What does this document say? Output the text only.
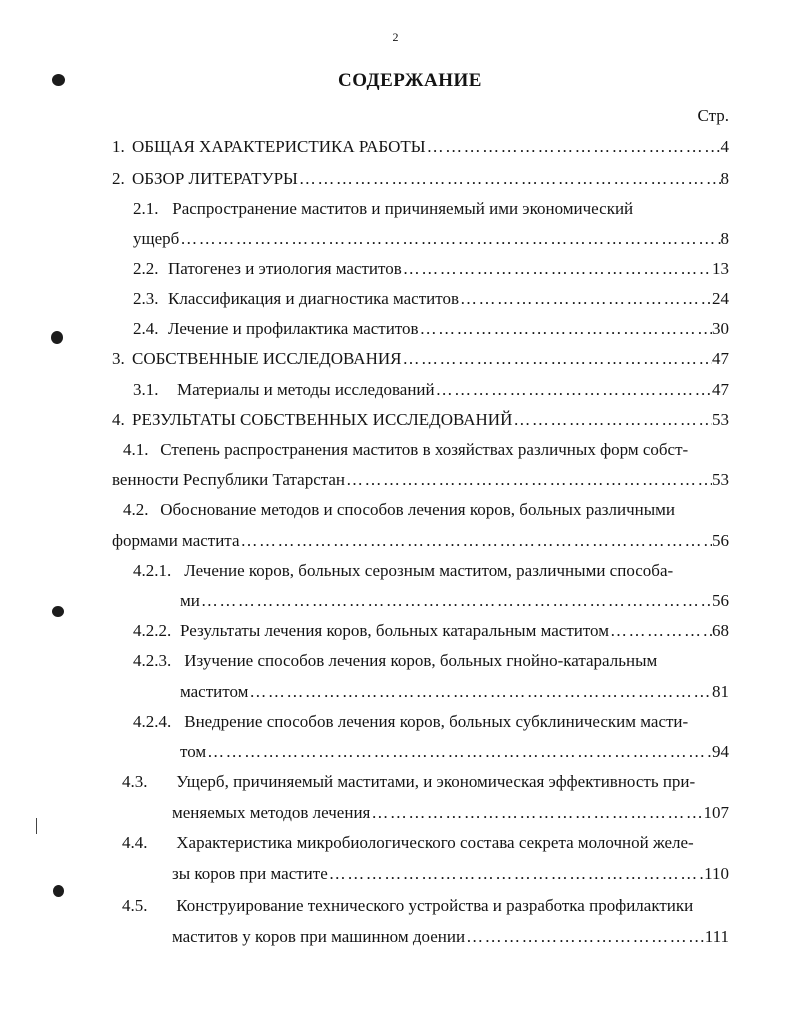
2
СОДЕРЖАНИЕ
Стр.
1. ОБЩАЯ ХАРАКТЕРИСТИКА РАБОТЫ ……………………………………………………………………………………………………………………………………………………………………………………	4
2. ОБЗОР ЛИТЕРАТУРЫ ……………………………………………………………………………………………………………………………………………………………………………………	8
2.1. Распространение маститов и причиняемый ими экономический
ущерб ……………………………………………………………………………………………………………………………………………………………………………………	8
2.2. Патогенез и этиология маститов ……………………………………………………………………………………………………………………………………………………………………………………	13
2.3. Классификация и диагностика маститов ……………………………………………………………………………………………………………………………………………………………………………………	24
2.4. Лечение и профилактика маститов ……………………………………………………………………………………………………………………………………………………………………………………	30
3. СОБСТВЕННЫЕ ИССЛЕДОВАНИЯ ……………………………………………………………………………………………………………………………………………………………………………………	47
3.1.	Материалы и методы исследований ……………………………………………………………………………………………………………………………………………………………………………………	47
4. РЕЗУЛЬТАТЫ СОБСТВЕННЫХ ИССЛЕДОВАНИЙ ……………………………………………………………………………………………………………………………………………………………………………………	53
4.1. Степень распространения маститов в хозяйствах различных форм собст-
венности Республики Татарстан ……………………………………………………………………………………………………………………………………………………………………………………	53
4.2. Обоснование методов и способов лечения коров, больных различными
формами мастита ……………………………………………………………………………………………………………………………………………………………………………………	56
4.2.1. Лечение коров, больных серозным маститом, различными способа-
ми ……………………………………………………………………………………………………………………………………………………………………………………	56
4.2.2. Результаты лечения коров, больных катаральным маститом ……………………………………………………………………………………………………………………………………………………………………………………	68
4.2.3. Изучение способов лечения коров, больных гнойно-катаральным
маститом ……………………………………………………………………………………………………………………………………………………………………………………	81
4.2.4. Внедрение способов лечения коров, больных субклиническим масти-
том ……………………………………………………………………………………………………………………………………………………………………………………	94
4.3. Ущерб, причиняемый маститами, и экономическая эффективность при-
меняемых методов лечения ……………………………………………………………………………………………………………………………………………………………………………………	107
4.4. Характеристика микробиологического состава секрета молочной желе-
зы коров при мастите ……………………………………………………………………………………………………………………………………………………………………………………	110
4.5. Конструирование технического устройства и разработка профилактики
маститов у коров при машинном доении ……………………………………………………………………………………………………………………………………………………………………………………	111
